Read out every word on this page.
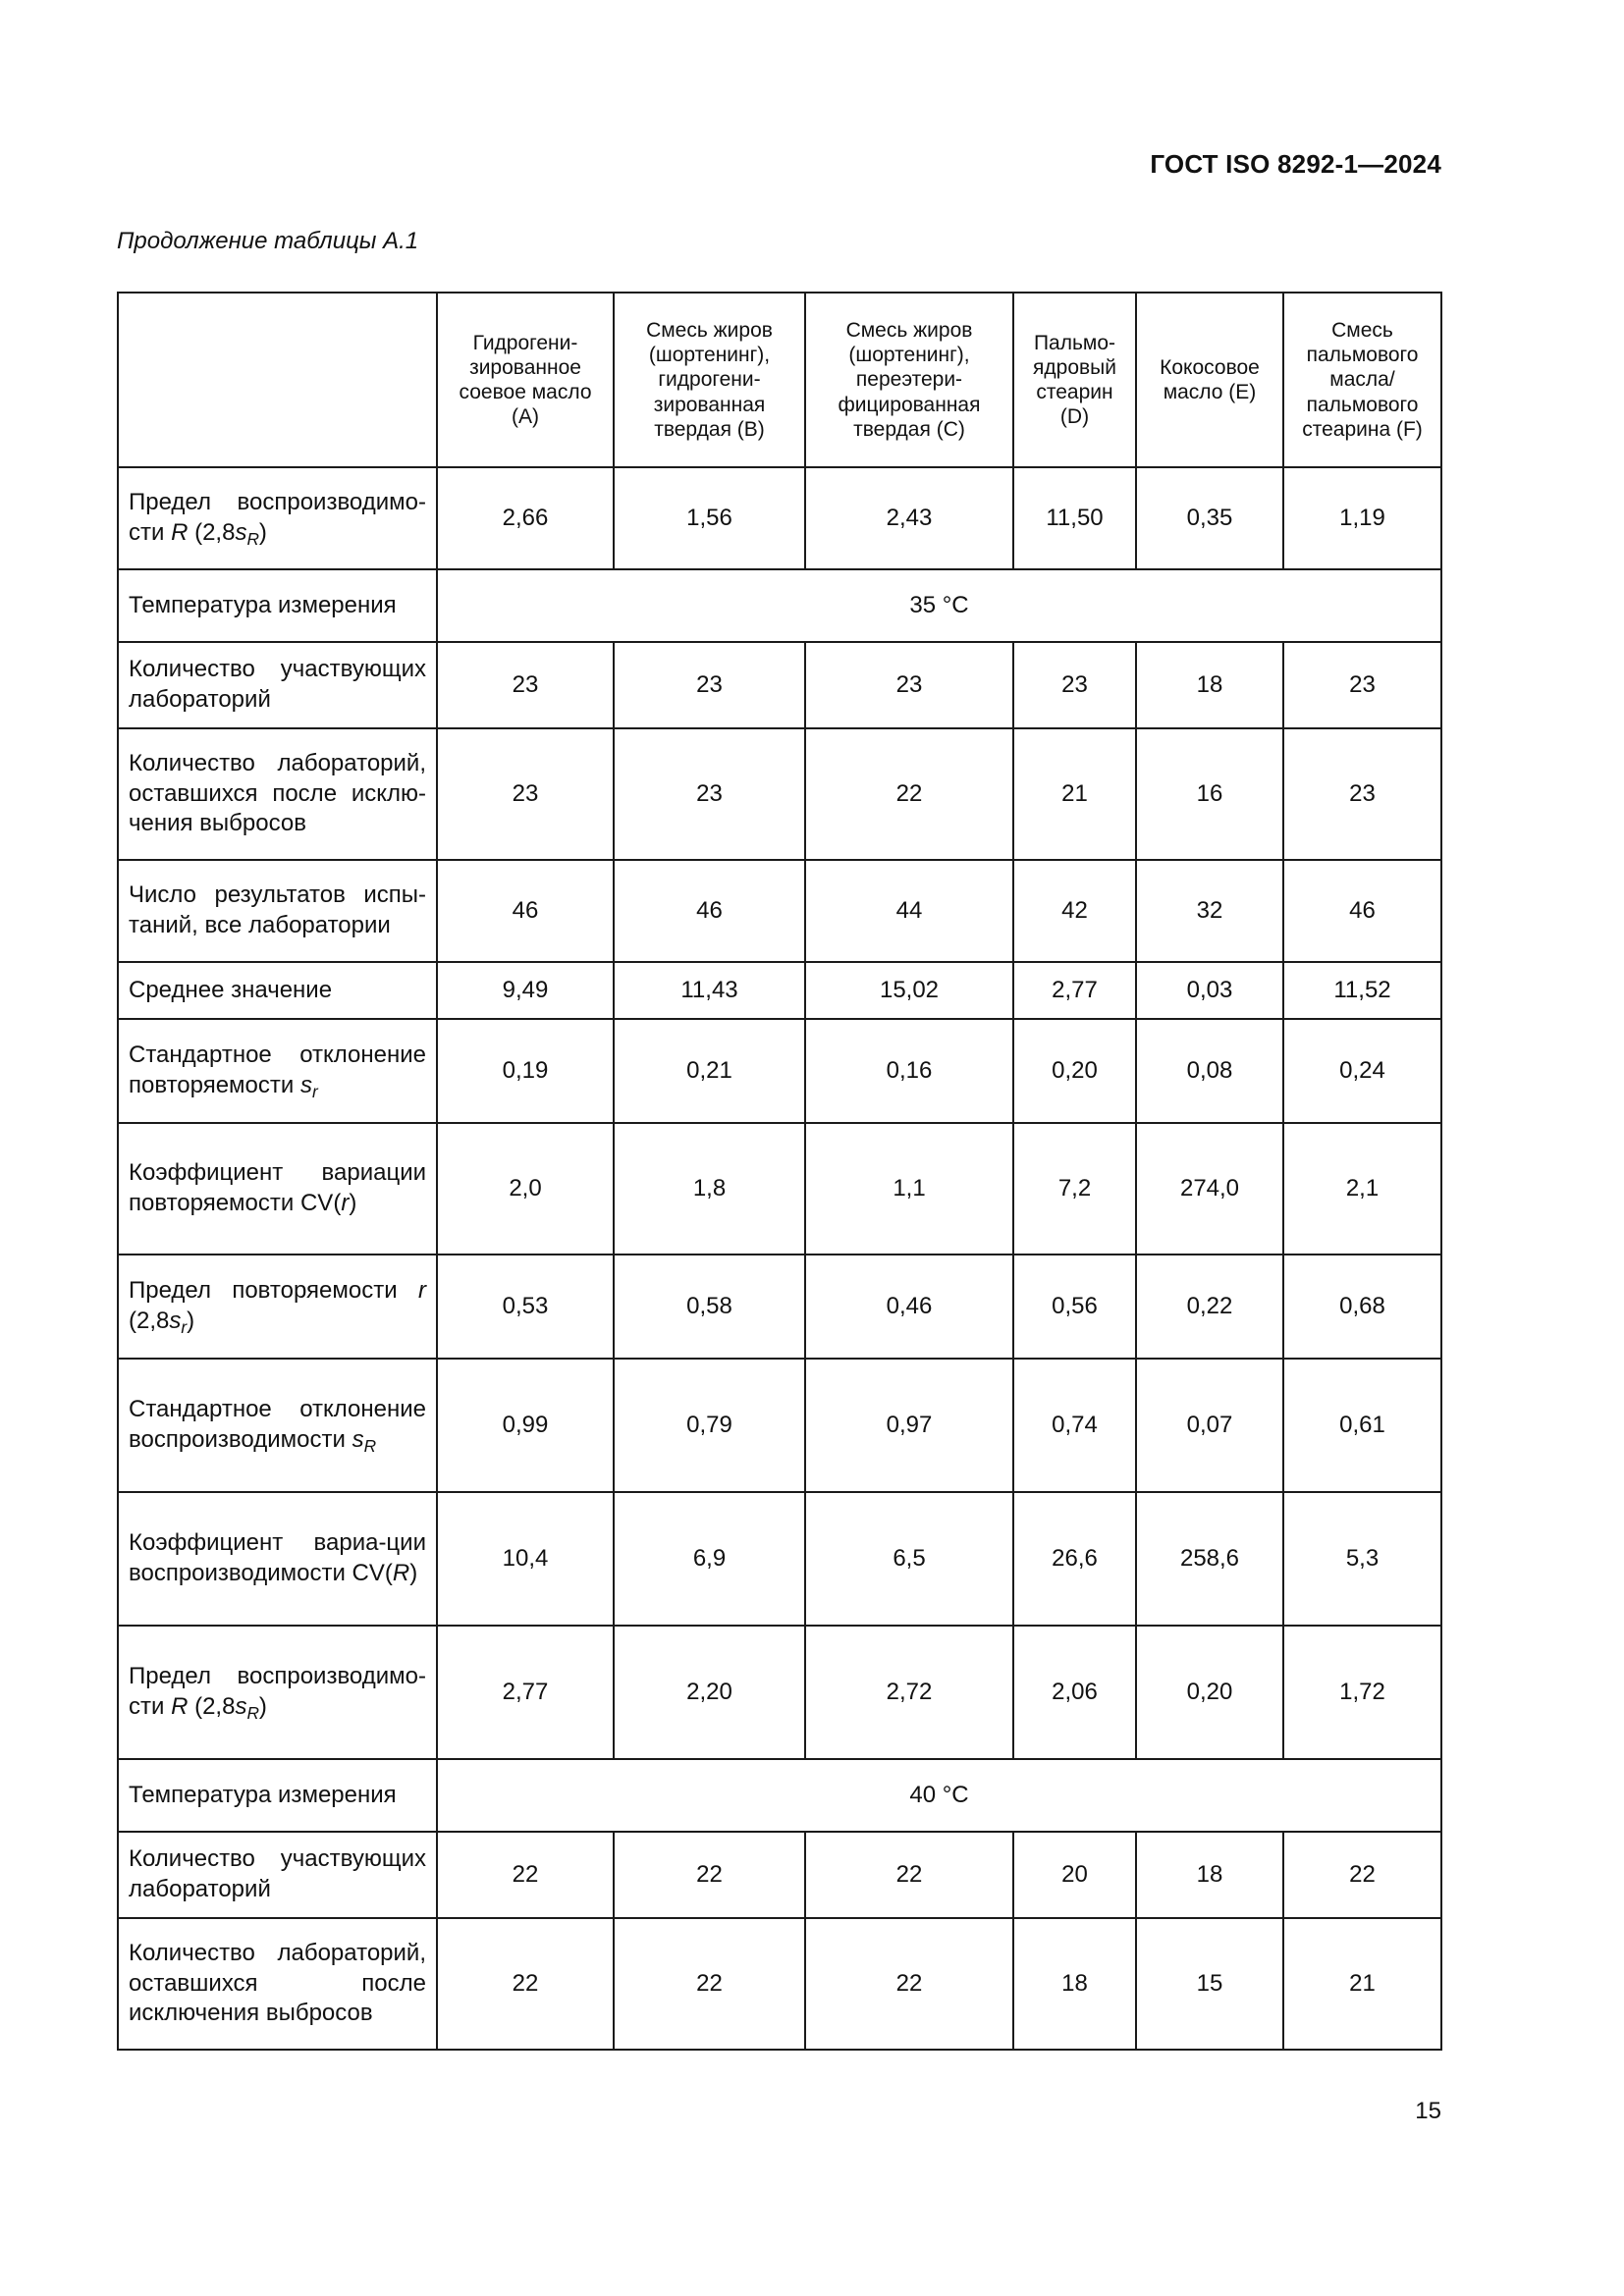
ГОСТ ISO 8292-1—2024
Продолжение таблицы А.1
	Гидрогени-зированное соевое масло (А)	Смесь жиров (шортенинг), гидрогени-зированная твердая (В)	Смесь жиров (шортенинг), переэтери-фицированная твердая (С)	Пальмо-ядровый стеарин (D)	Кокосовое масло (Е)	Смесь пальмового масла/ пальмового стеарина (F)
Предел воспроизводимо-сти R $(2,8s_R)$	2,66	1,56	2,43	11,50	0,35	1,19
Температура измерения	35 °C					
Количество участвующих лабораторий	23	23	23	23	18	23
Количество лабораторий, оставшихся после исклю-чения выбросов	23	23	22	21	16	23
Число результатов испы-таний, все лаборатории	46	46	44	42	32	46
Среднее значение	9,49	11,43	15,02	2,77	0,03	11,52
Стандартное отклонение повторяемости $s_r$	0,19	0,21	0,16	0,20	0,08	0,24
Коэффициент вариации повторяемости CV(r)	2,0	1,8	1,1	7,2	274,0	2,1
Предел повторяемости r $(2,8s_r)$	0,53	0,58	0,46	0,56	0,22	0,68
Стандартное отклонение воспроизводимости $s_R$	0,99	0,79	0,97	0,74	0,07	0,61
Коэффициент вариа-ции воспроизводимости CV(R)	10,4	6,9	6,5	26,6	258,6	5,3
Предел воспроизводимо-сти R $(2,8s_R)$	2,77	2,20	2,72	2,06	0,20	1,72
Температура измерения	40 °C					
Количество участвующих лабораторий	22	22	22	20	18	22
Количество лабораторий, оставшихся после исключения выбросов	22	22	22	18	15	21
15
